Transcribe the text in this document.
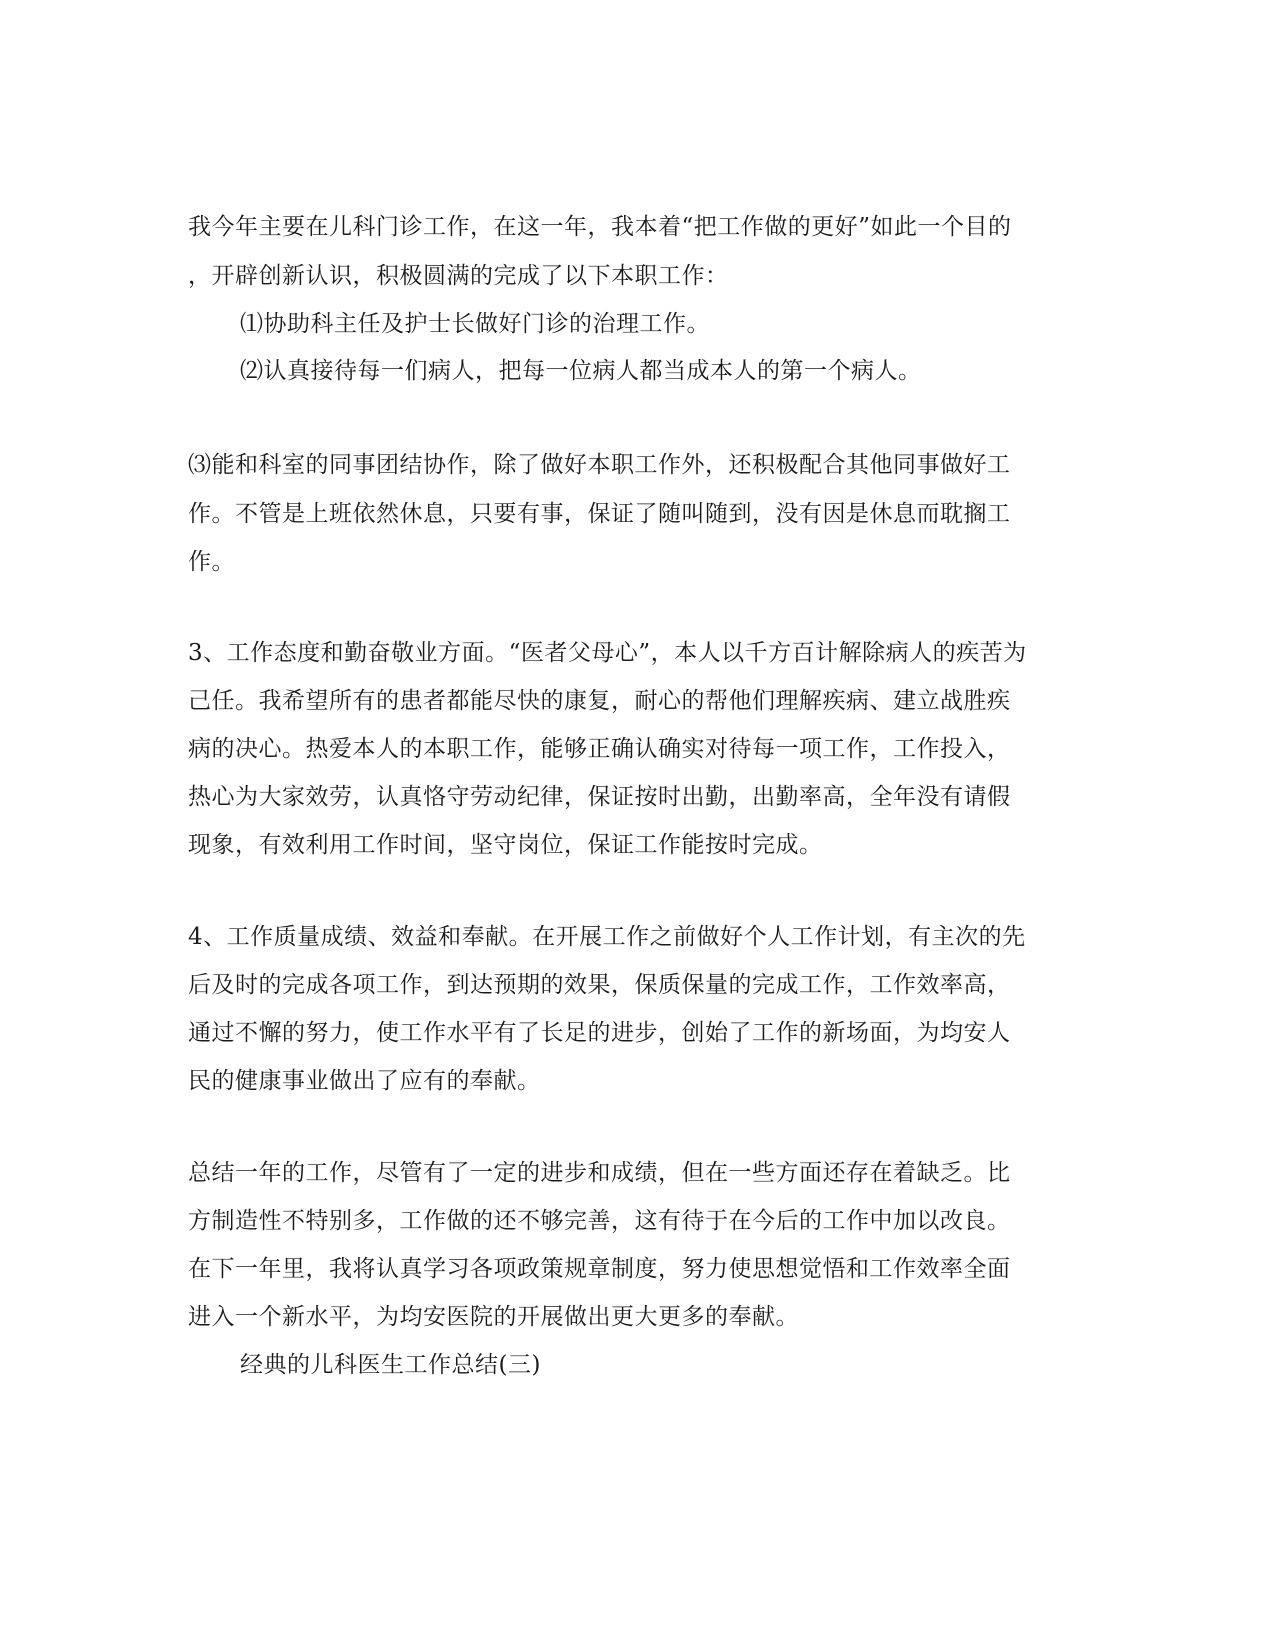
我今年主要在儿科门诊工作，在这一年，我本着“把工作做的更好”如此一个目的
，开辟创新认识，积极圆满的完成了以下本职工作：
⑴协助科主任及护士长做好门诊的治理工作。
⑵认真接待每一们病人，把每一位病人都当成本人的第一个病人。
⑶能和科室的同事团结协作，除了做好本职工作外，还积极配合其他同事做好工
作。不管是上班依然休息，只要有事，保证了随叫随到，没有因是休息而耽搁工
作。
3、工作态度和勤奋敬业方面。“医者父母心”，本人以千方百计解除病人的疾苦为
己任。我希望所有的患者都能尽快的康复，耐心的帮他们理解疾病、建立战胜疾
病的决心。热爱本人的本职工作，能够正确认确实对待每一项工作，工作投入，
热心为大家效劳，认真恪守劳动纪律，保证按时出勤，出勤率高，全年没有请假
现象，有效利用工作时间，坚守岗位，保证工作能按时完成。
4、工作质量成绩、效益和奉献。在开展工作之前做好个人工作计划，有主次的先
后及时的完成各项工作，到达预期的效果，保质保量的完成工作，工作效率高，
通过不懈的努力，使工作水平有了长足的进步，创始了工作的新场面，为均安人
民的健康事业做出了应有的奉献。
总结一年的工作，尽管有了一定的进步和成绩，但在一些方面还存在着缺乏。比
方制造性不特别多，工作做的还不够完善，这有待于在今后的工作中加以改良。
在下一年里，我将认真学习各项政策规章制度，努力使思想觉悟和工作效率全面
进入一个新水平，为均安医院的开展做出更大更多的奉献。
经典的儿科医生工作总结(三)
